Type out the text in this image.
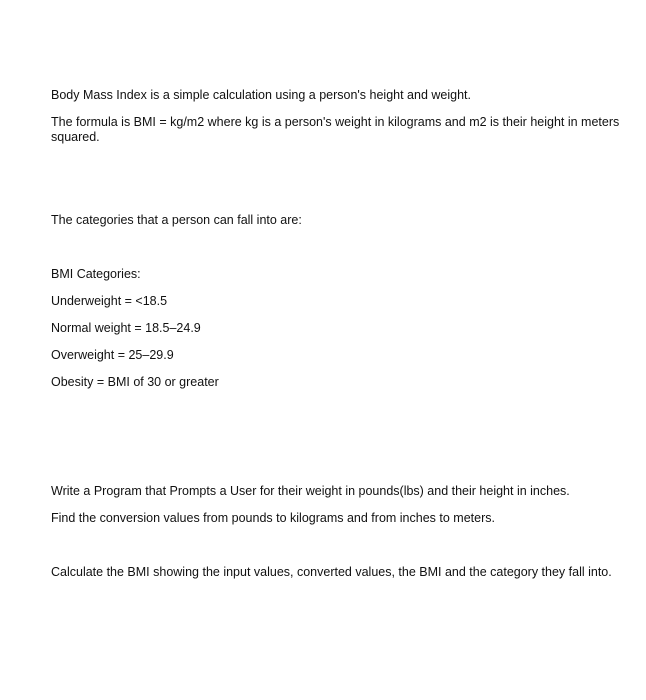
Body Mass Index is a simple calculation using a person's height and weight.
The formula is BMI = kg/m2 where kg is a person's weight in kilograms and m2 is their height in meters squared.
The categories that a person can fall into are:
BMI Categories:
Underweight = <18.5
Normal weight = 18.5–24.9
Overweight = 25–29.9
Obesity = BMI of 30 or greater
Write a Program that Prompts a User for their weight in pounds(lbs) and their height in inches.
Find the conversion values from pounds to kilograms and from inches to meters.
Calculate the BMI showing the input values, converted values, the BMI and the category they fall into.
